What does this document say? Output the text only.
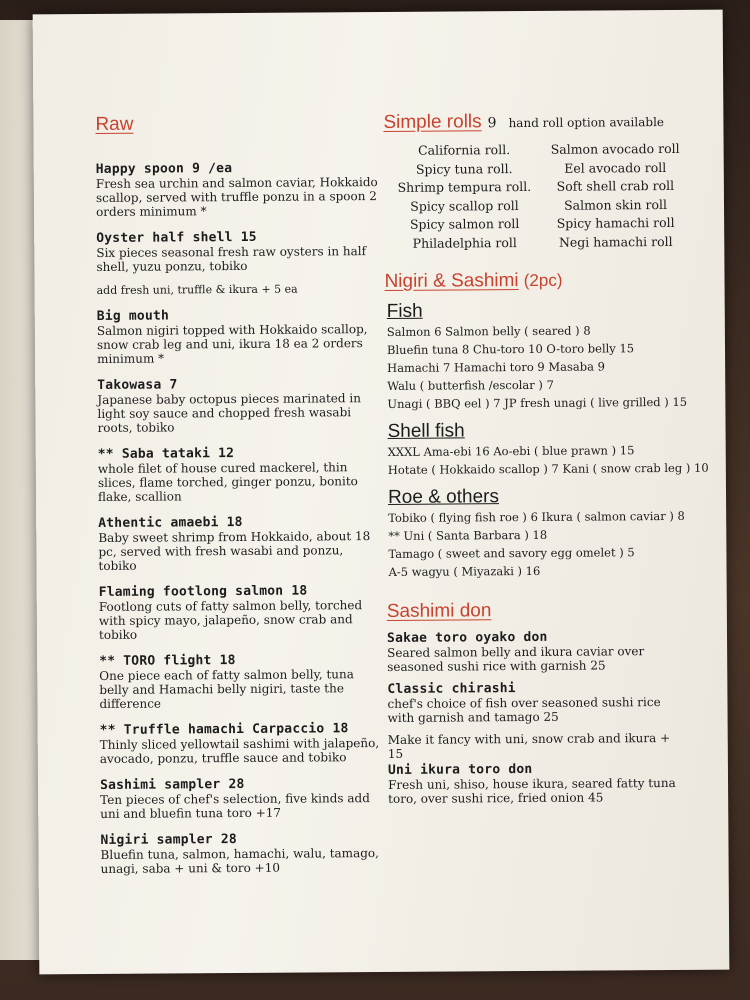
Raw
Happy spoon 9 /ea
Fresh sea urchin and salmon caviar, Hokkaido scallop, served with truffle ponzu in a spoon 2 orders minimum *
Oyster half shell 15
Six pieces seasonal fresh raw oysters in half shell, yuzu ponzu, tobiko
add fresh uni, truffle & ikura + 5 ea
Big mouth
Salmon nigiri topped with Hokkaido scallop, snow crab leg and uni, ikura 18 ea 2 orders minimum *
Takowasa 7
Japanese baby octopus pieces marinated in light soy sauce and chopped fresh wasabi roots, tobiko
** Saba tataki 12
whole filet of house cured mackerel, thin slices, flame torched, ginger ponzu, bonito flake, scallion
Athentic amaebi 18
Baby sweet shrimp from Hokkaido, about 18 pc, served with fresh wasabi and ponzu, tobiko
Flaming footlong salmon 18
Footlong cuts of fatty salmon belly, torched with spicy mayo, jalapeño, snow crab and tobiko
** TORO flight 18
One piece each of fatty salmon belly, tuna belly and Hamachi belly nigiri, taste the difference
** Truffle hamachi Carpaccio 18
Thinly sliced yellowtail sashimi with jalapeño, avocado, ponzu, truffle sauce and tobiko
Sashimi sampler 28
Ten pieces of chef's selection, five kinds add uni and bluefin tuna toro +17
Nigiri sampler 28
Bluefin tuna, salmon, hamachi, walu, tamago, unagi, saba + uni & toro +10
Simple rolls 9 hand roll option available
California roll.	Salmon avocado roll
Spicy tuna roll.	Eel avocado roll
Shrimp tempura roll.	Soft shell crab roll
Spicy scallop roll	Salmon skin roll
Spicy salmon roll	Spicy hamachi roll
Philadelphia roll	Negi hamachi roll
Nigiri & Sashimi (2pc)
Fish
Salmon 6 Salmon belly ( seared ) 8
Bluefin tuna 8 Chu-toro 10 O-toro belly 15
Hamachi 7 Hamachi toro 9 Masaba 9
Walu ( butterfish /escolar ) 7
Unagi ( BBQ eel ) 7 JP fresh unagi ( live grilled ) 15
Shell fish
XXXL Ama-ebi 16 Ao-ebi ( blue prawn ) 15
Hotate ( Hokkaido scallop ) 7 Kani ( snow crab leg ) 10
Roe & others
Tobiko ( flying fish roe ) 6 Ikura ( salmon caviar ) 8
** Uni ( Santa Barbara ) 18
Tamago ( sweet and savory egg omelet ) 5
A-5 wagyu ( Miyazaki ) 16
Sashimi don
Sakae toro oyako don
Seared salmon belly and ikura caviar over seasoned sushi rice with garnish 25
Classic chirashi
chef's choice of fish over seasoned sushi rice with garnish and tamago 25
Make it fancy with uni, snow crab and ikura + 15
Uni ikura toro don
Fresh uni, shiso, house ikura, seared fatty tuna toro, over sushi rice, fried onion 45
